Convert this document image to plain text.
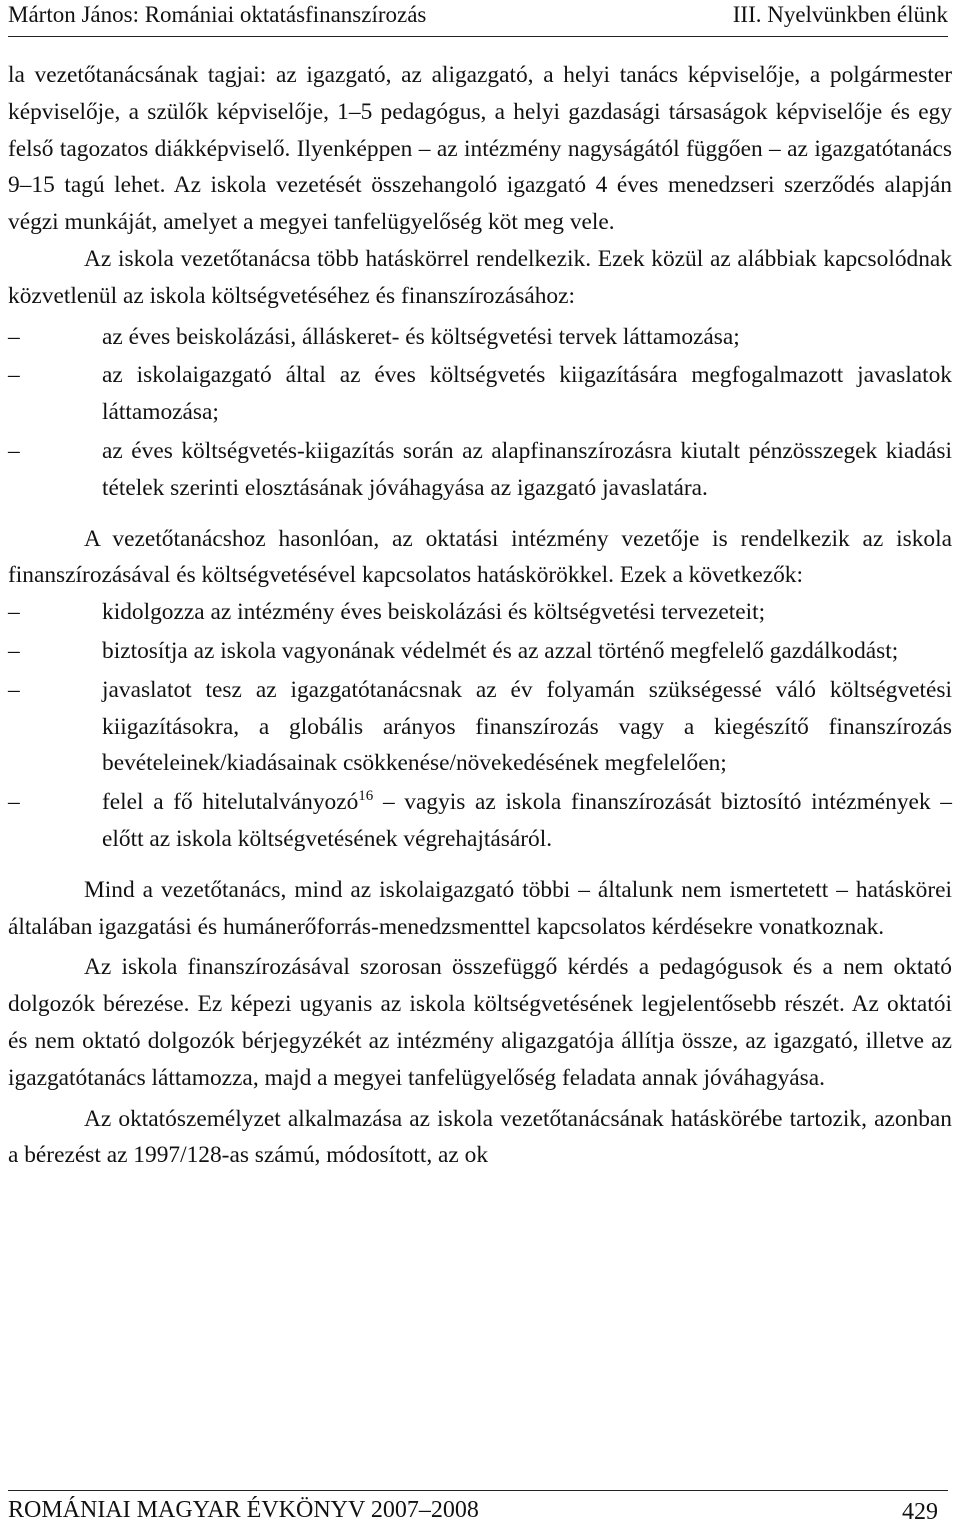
Márton János: Romániai oktatásfinanszírozás	III. Nyelvünkben élünk

la vezetőtanácsának tagjai: az igazgató, az aligazgató, a helyi tanács képviselője, a polgármester képviselője, a szülők képviselője, 1–5 pedagógus, a helyi gazdasági társaságok képviselője és egy felső tagozatos diákképviselő. Ilyenképpen – az intézmény nagyságától függően – az igazgatótanács 9–15 tagú lehet. Az iskola vezetését összehangoló igazgató 4 éves menedzseri szerződés alapján végzi munkáját, amelyet a megyei tanfelügyelőség köt meg vele.

Az iskola vezetőtanácsa több hatáskörrel rendelkezik. Ezek közül az alábbiak kapcsolódnak közvetlenül az iskola költségvetéséhez és finanszírozásához:

–	az éves beiskolázási, álláskeret- és költségvetési tervek láttamozása;
–	az iskolaigazgató által az éves költségvetés kiigazítására megfogalmazott javaslatok láttamozása;
–	az éves költségvetés-kiigazítás során az alapfinanszírozásra kiutalt pénzösszegek kiadási tételek szerinti elosztásának jóváhagyása az igazgató javaslatára.

A vezetőtanácshoz hasonlóan, az oktatási intézmény vezetője is rendelkezik az iskola finanszírozásával és költségvetésével kapcsolatos hatáskörökkel. Ezek a következők:

–	kidolgozza az intézmény éves beiskolázási és költségvetési tervezeteit;
–	biztosítja az iskola vagyonának védelmét és az azzal történő megfelelő gazdálkodást;
–	javaslatot tesz az igazgatótanácsnak az év folyamán szükségessé váló költségvetési kiigazításokra, a globális arányos finanszírozás vagy a kiegészítő finanszírozás bevételeinek/kiadásainak csökkenése/növekedésének megfelelően;
–	felel a fő hitelutalványozó$^{16}$ – vagyis az iskola finanszírozását biztosító intézmények – előtt az iskola költségvetésének végrehajtásáról.

Mind a vezetőtanács, mind az iskolaigazgató többi – általunk nem ismertetett – hatáskörei általában igazgatási és humánerőforrás-menedzsmenttel kapcsolatos kérdésekre vonatkoznak.

Az iskola finanszírozásával szorosan összefüggő kérdés a pedagógusok és a nem oktató dolgozók bérezése. Ez képezi ugyanis az iskola költségvetésének legjelentősebb részét. Az oktatói és nem oktató dolgozók bérjegyzékét az intézmény aligazgatója állítja össze, az igazgató, illetve az igazgatótanács láttamozza, majd a megyei tanfelügyelőség feladata annak jóváhagyása.

Az oktatószemélyzet alkalmazása az iskola vezetőtanácsának hatáskörébe tartozik, azonban a bérezést az 1997/128-as számú, módosított, az ok

ROMÁNIAI MAGYAR ÉVKÖNYV 2007–2008	429
